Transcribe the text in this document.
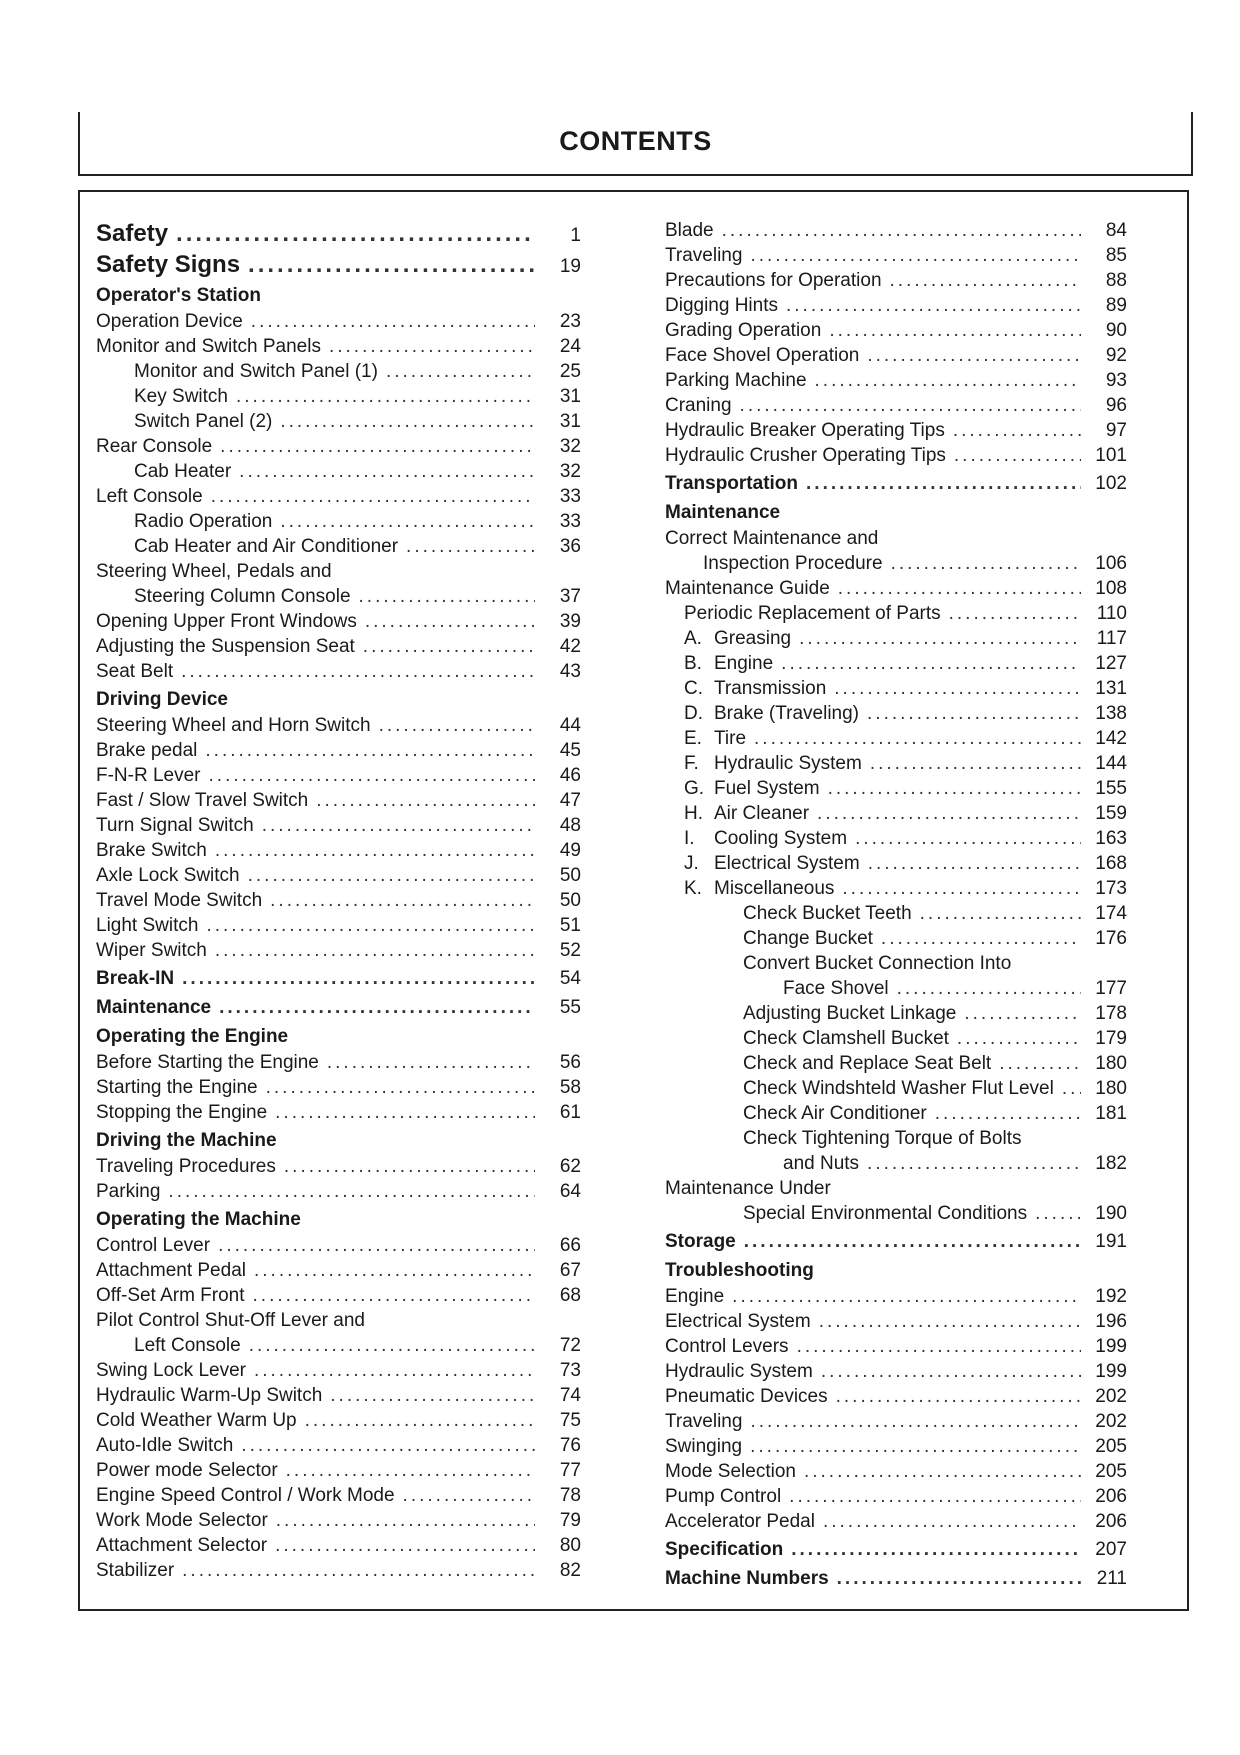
CONTENTS
Safety .....	1
Safety Signs .....	19
Operator's Station
Operation Device .....	23
Monitor and Switch Panels .....	24
Monitor and Switch Panel (1) .....	25
Key Switch .....	31
Switch Panel (2) .....	31
Rear Console .....	32
Cab Heater .....	32
Left Console .....	33
Radio Operation .....	33
Cab Heater and Air Conditioner .....	36
Steering Wheel, Pedals and
Steering Column Console .....	37
Opening Upper Front Windows .....	39
Adjusting the Suspension Seat .....	42
Seat Belt .....	43
Driving Device
Steering Wheel and Horn Switch .....	44
Brake pedal .....	45
F-N-R Lever .....	46
Fast / Slow Travel Switch .....	47
Turn Signal Switch .....	48
Brake Switch .....	49
Axle Lock Switch .....	50
Travel Mode Switch .....	50
Light Switch .....	51
Wiper Switch .....	52
Break-IN .....	54
Maintenance .....	55
Operating the Engine
Before Starting the Engine .....	56
Starting the Engine .....	58
Stopping the Engine .....	61
Driving the Machine
Traveling Procedures .....	62
Parking .....	64
Operating the Machine
Control Lever .....	66
Attachment Pedal .....	67
Off-Set Arm Front .....	68
Pilot Control Shut-Off Lever and
Left Console .....	72
Swing Lock Lever .....	73
Hydraulic Warm-Up Switch .....	74
Cold Weather Warm Up .....	75
Auto-Idle Switch .....	76
Power mode Selector .....	77
Engine Speed Control / Work Mode .....	78
Work Mode Selector .....	79
Attachment Selector .....	80
Stabilizer .....	82
Blade .....	84
Traveling .....	85
Precautions for Operation .....	88
Digging Hints .....	89
Grading Operation .....	90
Face Shovel Operation .....	92
Parking Machine .....	93
Craning .....	96
Hydraulic Breaker Operating Tips .....	97
Hydraulic Crusher Operating Tips .....	101
Transportation .....	102
Maintenance
Correct Maintenance and
Inspection Procedure .....	106
Maintenance Guide .....	108
Periodic Replacement of Parts .....	110
A. Greasing .....	117
B. Engine .....	127
C. Transmission .....	131
D. Brake (Traveling) .....	138
E. Tire .....	142
F. Hydraulic System .....	144
G. Fuel System .....	155
H. Air Cleaner .....	159
I. Cooling System .....	163
J. Electrical System .....	168
K. Miscellaneous .....	173
Check Bucket Teeth .....	174
Change Bucket .....	176
Convert Bucket Connection Into
Face Shovel .....	177
Adjusting Bucket Linkage .....	178
Check Clamshell Bucket .....	179
Check and Replace Seat Belt .....	180
Check Windshteld Washer Flut Level .....	180
Check Air Conditioner .....	181
Check Tightening Torque of Bolts
and Nuts .....	182
Maintenance Under
Special Environmental Conditions .....	190
Storage .....	191
Troubleshooting
Engine .....	192
Electrical System .....	196
Control Levers .....	199
Hydraulic System .....	199
Pneumatic Devices .....	202
Traveling .....	202
Swinging .....	205
Mode Selection .....	205
Pump Control .....	206
Accelerator Pedal .....	206
Specification .....	207
Machine Numbers .....	211
